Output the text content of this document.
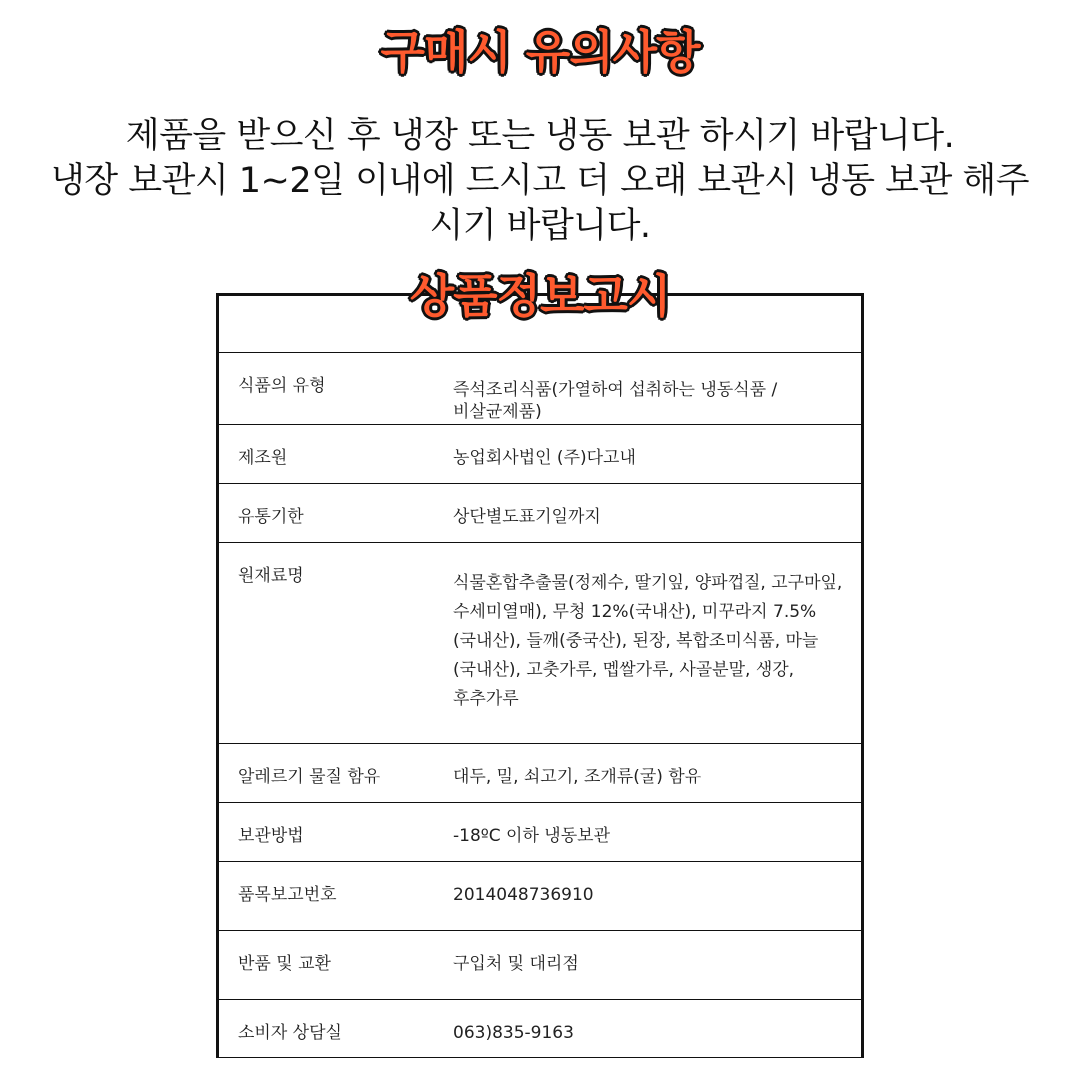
구매시 유의사항
제품을 받으신 후 냉장 또는 냉동 보관 하시기 바랍니다.
냉장 보관시 1~2일 이내에 드시고 더 오래 보관시 냉동 보관 해주
시기 바랍니다.
상품정보고시
식품의 유형	즉석조리식품(가열하여 섭취하는 냉동식품 / 비살균제품)
제조원	농업회사법인 (주)다고내
유통기한	상단별도표기일까지
원재료명	식물혼합추출물(정제수, 딸기잎, 양파껍질, 고구마잎, 수세미열매), 무청 12%(국내산), 미꾸라지 7.5%(국내산), 들깨(중국산), 된장, 복합조미식품, 마늘(국내산), 고춧가루, 멥쌀가루, 사골분말, 생강, 후추가루
알레르기 물질 함유	대두, 밀, 쇠고기, 조개류(굴) 함유
보관방법	-18ºC 이하 냉동보관
품목보고번호	2014048736910
반품 및 교환	구입처 및 대리점
소비자 상담실	063)835-9163
